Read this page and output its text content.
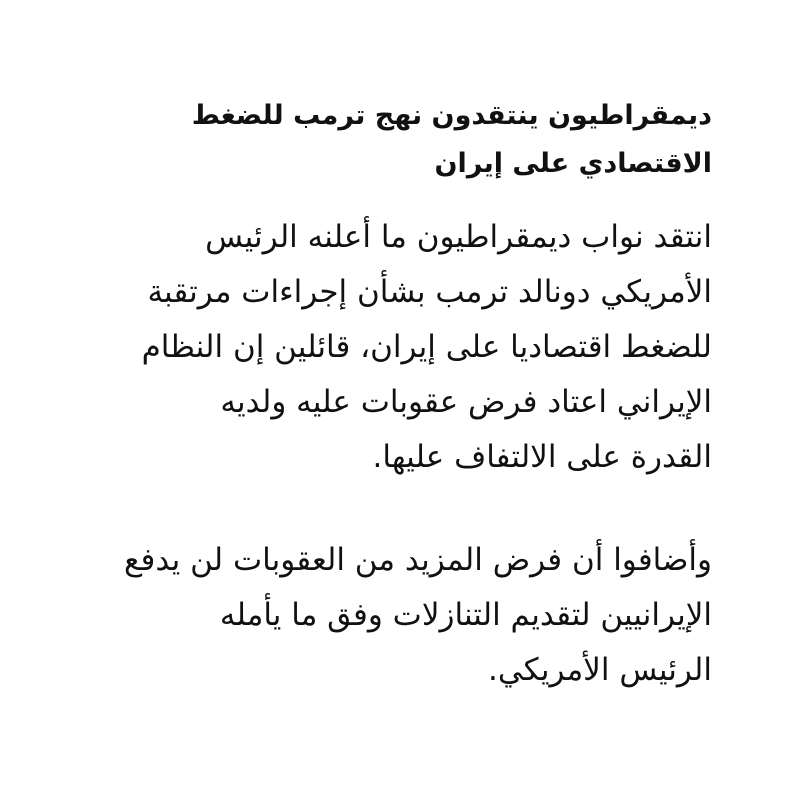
ديمقراطيون ينتقدون نهج ترمب للضغط
الاقتصادي على إيران
انتقد نواب ديمقراطيون ما أعلنه الرئيس
الأمريكي دونالد ترمب بشأن إجراءات مرتقبة
للضغط اقتصاديا على إيران، قائلين إن النظام
الإيراني اعتاد فرض عقوبات عليه ولديه
القدرة على الالتفاف عليها.
وأضافوا أن فرض المزيد من العقوبات لن يدفع
الإيرانيين لتقديم التنازلات وفق ما يأمله
الرئيس الأمريكي.
